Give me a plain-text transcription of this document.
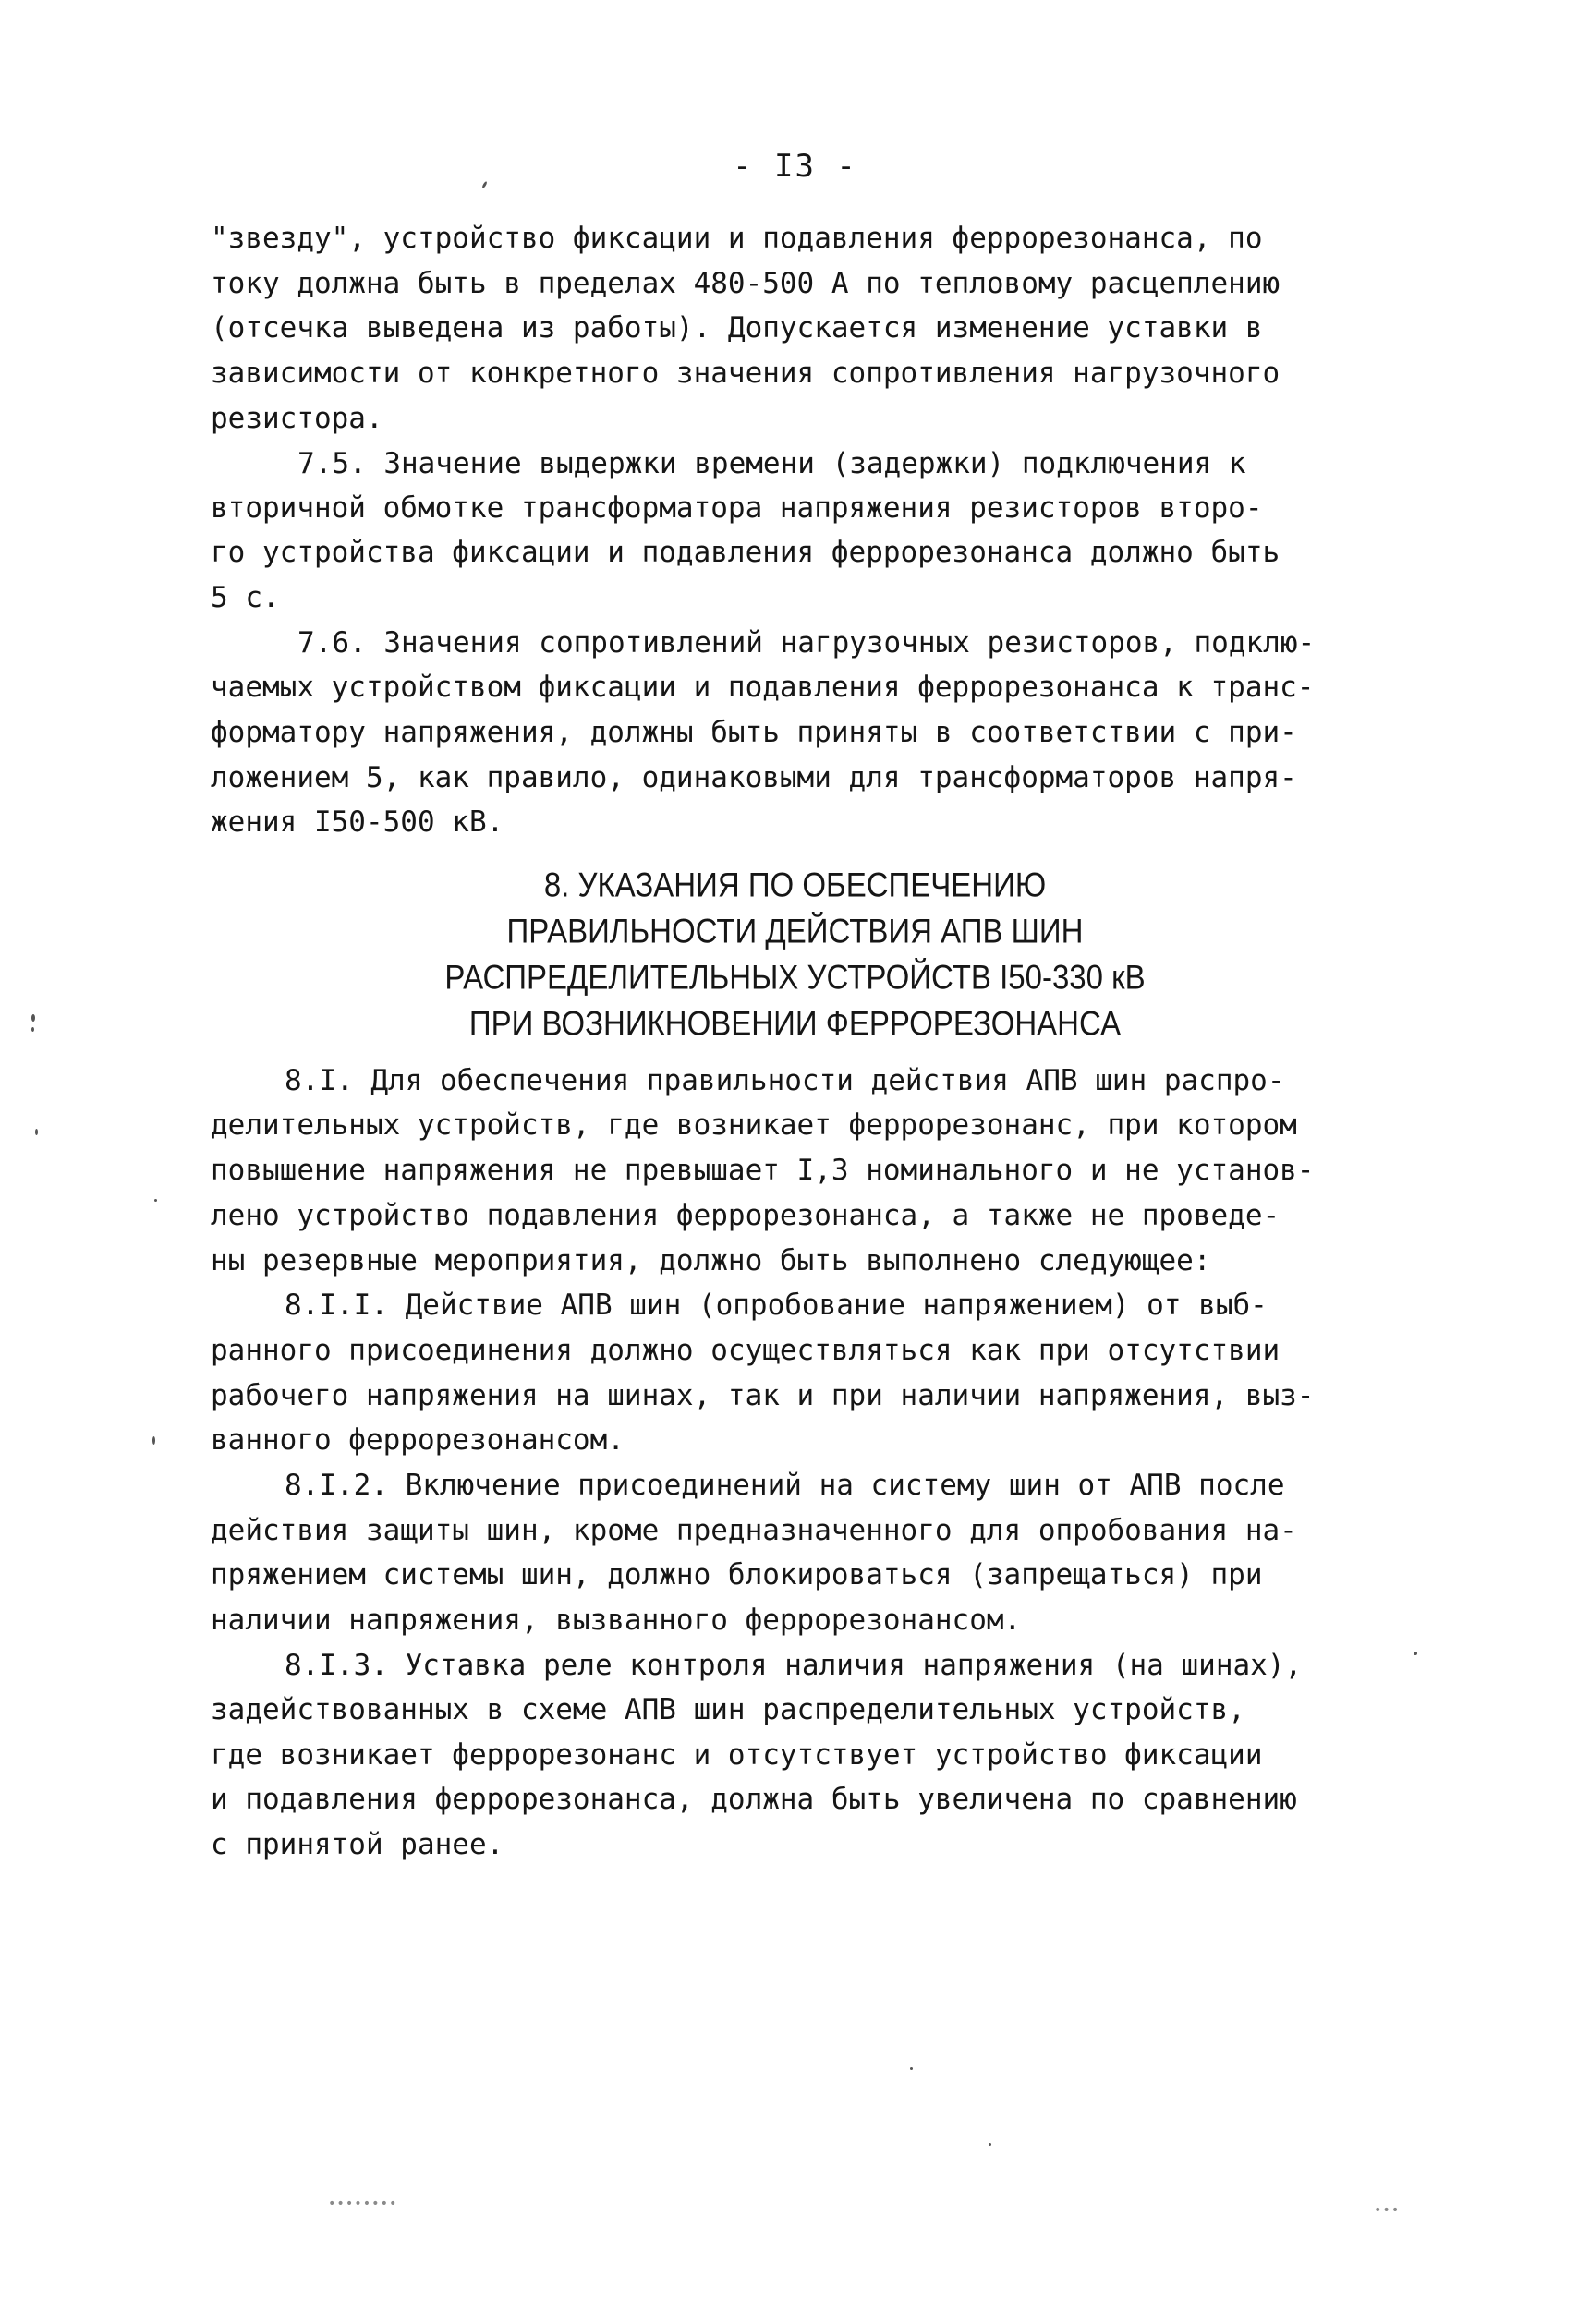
- I3 -
"звезду", устройство фиксации и подавления феррорезонанса, по
току должна быть в пределах 480-500 А по тепловому расцеплению
(отсечка выведена из работы). Допускается изменение уставки в
зависимости от конкретного значения сопротивления нагрузочного
резистора.
7.5. Значение выдержки времени (задержки) подключения к
вторичной обмотке трансформатора напряжения резисторов второ-
го устройства фиксации и подавления феррорезонанса должно быть
5 с.
7.6. Значения сопротивлений нагрузочных резисторов, подклю-
чаемых устройством фиксации и подавления феррорезонанса к транс-
форматору напряжения, должны быть приняты в соответствии с при-
ложением 5, как правило, одинаковыми для трансформаторов напря-
жения I50-500 кВ.
8. УКАЗАНИЯ ПО ОБЕСПЕЧЕНИЮ
ПРАВИЛЬНОСТИ ДЕЙСТВИЯ АПВ ШИН
РАСПРЕДЕЛИТЕЛЬНЫХ УСТРОЙСТВ I50-330 кВ
ПРИ ВОЗНИКНОВЕНИИ ФЕРРОРЕЗОНАНСА
8.I. Для обеспечения правильности действия АПВ шин распро-
делительных устройств, где возникает феррорезонанс, при котором
повышение напряжения не превышает I,3 номинального и не установ-
лено устройство подавления феррорезонанса, а также не проведе-
ны резервные мероприятия, должно быть выполнено следующее:
8.I.I. Действие АПВ шин (опробование напряжением) от выб-
ранного присоединения должно осуществляться как при отсутствии
рабочего напряжения на шинах, так и при наличии напряжения, выз-
ванного феррорезонансом.
8.I.2. Включение присоединений на систему шин от АПВ после
действия защиты шин, кроме предназначенного для опробования на-
пряжением системы шин, должно блокироваться (запрещаться) при
наличии напряжения, вызванного феррорезонансом.
8.I.3. Уставка реле контроля наличия напряжения (на шинах),
задействованных в схеме АПВ шин распределительных устройств,
где возникает феррорезонанс и отсутствует устройство фиксации
и подавления феррорезонанса, должна быть увеличена по сравнению
с принятой ранее.
••••••••	•••
